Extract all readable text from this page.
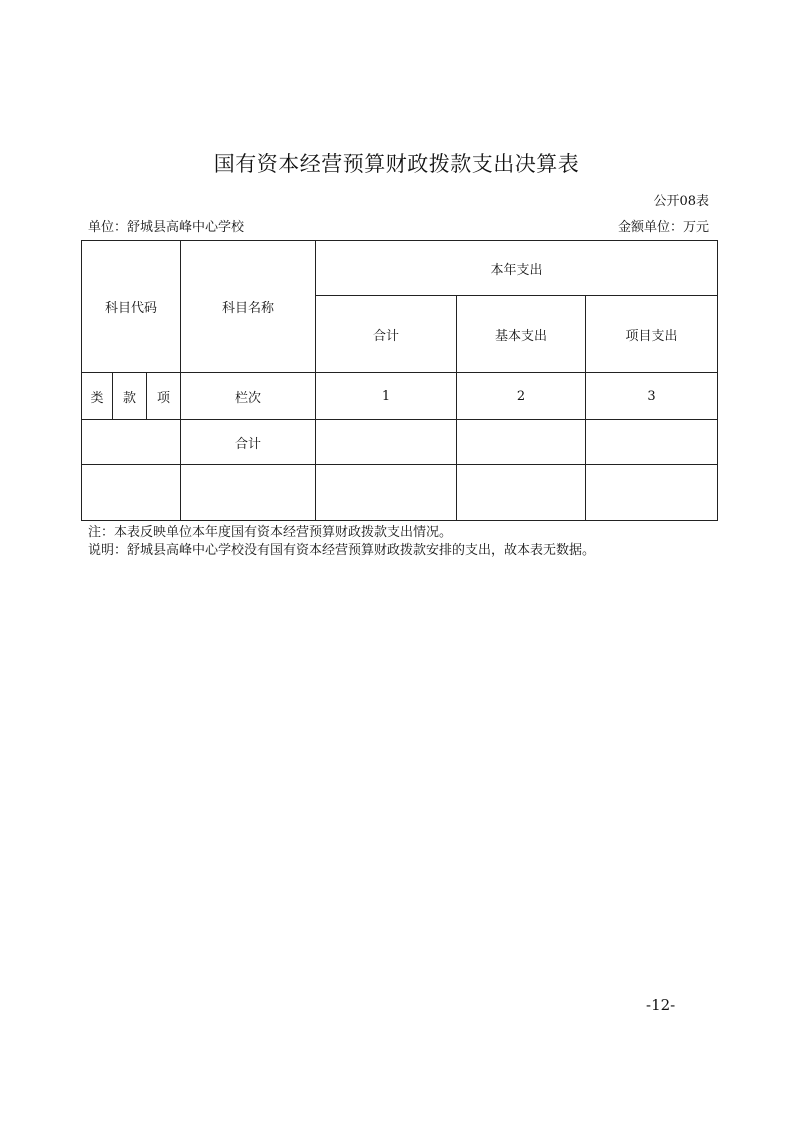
国有资本经营预算财政拨款支出决算表
公开08表
单位：舒城县高峰中心学校	金额单位：万元
科目代码			科目名称	本年支出		
				合计	基本支出	项目支出
类	款	项	栏次	1	2	3
			合计			

注：本表反映单位本年度国有资本经营预算财政拨款支出情况。
说明：舒城县高峰中心学校没有国有资本经营预算财政拨款安排的支出，故本表无数据。
-12-
